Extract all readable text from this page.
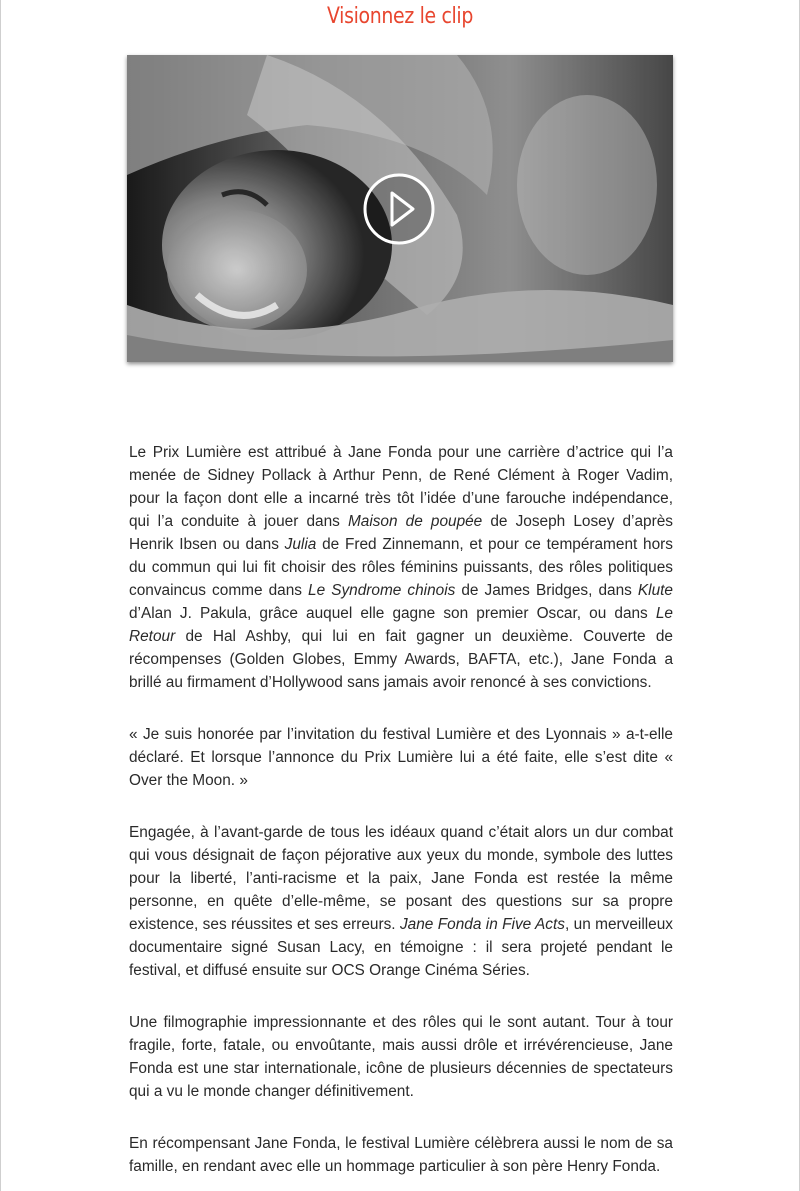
Visionnez le clip

Le Prix Lumière est attribué à Jane Fonda pour une carrière d’actrice qui l’a menée de Sidney Pollack à Arthur Penn, de René Clément à Roger Vadim, pour la façon dont elle a incarné très tôt l’idée d’une farouche indépendance, qui l’a conduite à jouer dans Maison de poupée de Joseph Losey d’après Henrik Ibsen ou dans Julia de Fred Zinnemann, et pour ce tempérament hors du commun qui lui fit choisir des rôles féminins puissants, des rôles politiques convaincus comme dans Le Syndrome chinois de James Bridges, dans Klute d’Alan J. Pakula, grâce auquel elle gagne son premier Oscar, ou dans Le Retour de Hal Ashby, qui lui en fait gagner un deuxième. Couverte de récompenses (Golden Globes, Emmy Awards, BAFTA, etc.), Jane Fonda a brillé au firmament d’Hollywood sans jamais avoir renoncé à ses convictions.

« Je suis honorée par l’invitation du festival Lumière et des Lyonnais » a-t-elle déclaré. Et lorsque l’annonce du Prix Lumière lui a été faite, elle s’est dite « Over the Moon. »

Engagée, à l’avant-garde de tous les idéaux quand c’était alors un dur combat qui vous désignait de façon péjorative aux yeux du monde, symbole des luttes pour la liberté, l’anti-racisme et la paix, Jane Fonda est restée la même personne, en quête d’elle-même, se posant des questions sur sa propre existence, ses réussites et ses erreurs. Jane Fonda in Five Acts, un merveilleux documentaire signé Susan Lacy, en témoigne : il sera projeté pendant le festival, et diffusé ensuite sur OCS Orange Cinéma Séries.

Une filmographie impressionnante et des rôles qui le sont autant. Tour à tour fragile, forte, fatale, ou envoûtante, mais aussi drôle et irrévérencieuse, Jane Fonda est une star internationale, icône de plusieurs décennies de spectateurs qui a vu le monde changer définitivement.

En récompensant Jane Fonda, le festival Lumière célèbrera aussi le nom de sa famille, en rendant avec elle un hommage particulier à son père Henry Fonda.
